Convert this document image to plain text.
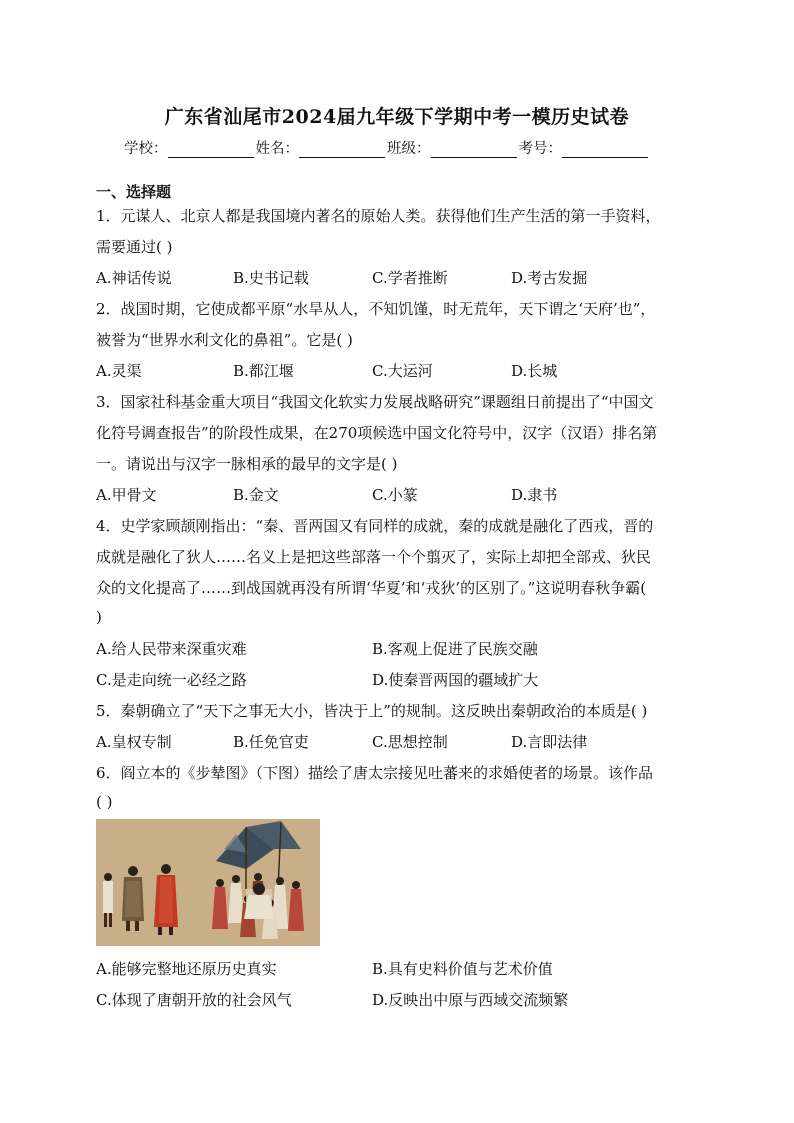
广东省汕尾市2024届九年级下学期中考一模历史试卷
学校：	姓名：	班级：	考号：
一、选择题
1．元谋人、北京人都是我国境内著名的原始人类。获得他们生产生活的第一手资料，
需要通过( )
A.神话传说	B.史书记载	C.学者推断	D.考古发掘
2．战国时期，它使成都平原“水旱从人，不知饥馑，时无荒年，天下谓之‘天府’也”，
被誉为“世界水利文化的鼻祖”。它是( )
A.灵渠	B.都江堰	C.大运河	D.长城
3．国家社科基金重大项目“我国文化软实力发展战略研究”课题组日前提出了“中国文
化符号调查报告”的阶段性成果，在270项候选中国文化符号中，汉字（汉语）排名第
一。请说出与汉字一脉相承的最早的文字是( )
A.甲骨文	B.金文	C.小篆	D.隶书
4．史学家顾颉刚指出：“秦、晋两国又有同样的成就，秦的成就是融化了西戎，晋的
成就是融化了狄人……名义上是把这些部落一个个翦灭了，实际上却把全部戎、狄民
众的文化提高了……到战国就再没有所谓‘华夏’和‘戎狄’的区别了。”这说明春秋争霸(
)
A.给人民带来深重灾难	B.客观上促进了民族交融
C.是走向统一必经之路	D.使秦晋两国的疆域扩大
5．秦朝确立了“天下之事无大小，皆决于上”的规制。这反映出秦朝政治的本质是( )
A.皇权专制	B.任免官吏	C.思想控制	D.言即法律
6．阎立本的《步辇图》（下图）描绘了唐太宗接见吐蕃来的求婚使者的场景。该作品
( )
A.能够完整地还原历史真实	B.具有史料价值与艺术价值
C.体现了唐朝开放的社会风气	D.反映出中原与西域交流频繁
